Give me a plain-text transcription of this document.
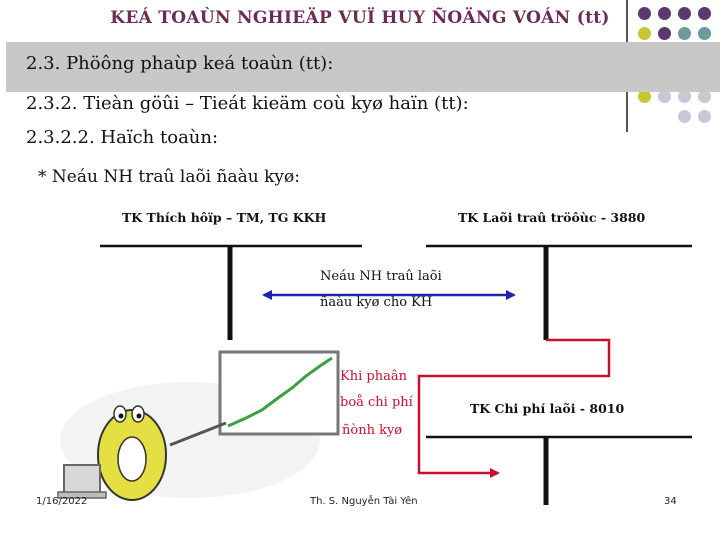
KEÁ TOAÙN NGHIEÄP VUÏ HUY ÑOÄNG VOÁN (tt)
2.3. Phöông phaùp keá toaùn (tt):
2.3.2. Tieàn göûi – Tieát kieäm coù kyø haïn (tt):
2.3.2.2. Haïch toaùn:
* Neáu NH traû laõi ñaàu kyø:
TK Thích hôïp – TM, TG KKH	TK Laõi traû tröôùc - 3880
TK Chi phí laõi - 8010
Neáu NH traû laõi
ñaàu kyø cho KH
Khi phaân
boå chi phí
ñònh kyø
1/16/2022	Th. S. Nguyễn Tài Yên	34
